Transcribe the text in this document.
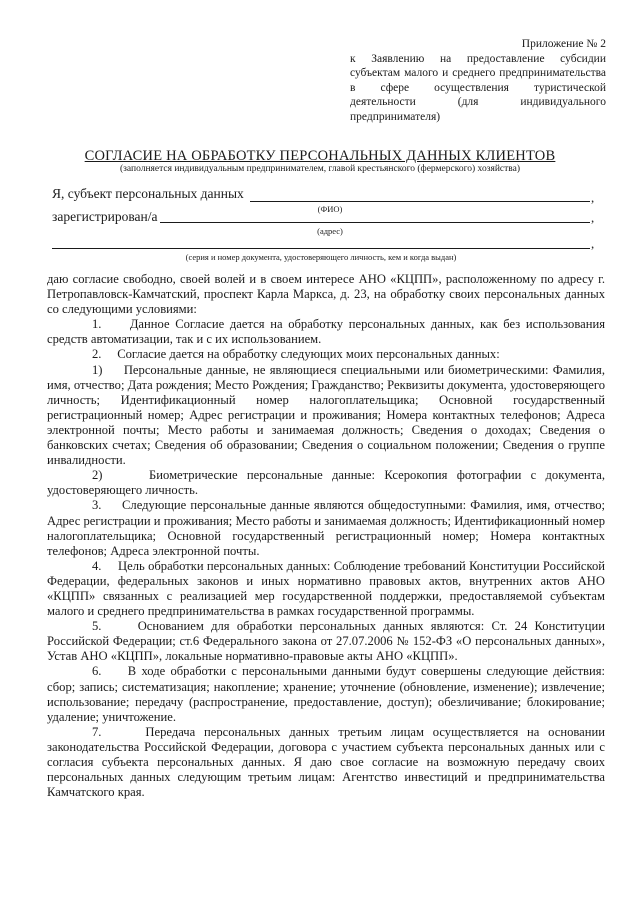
Приложение № 2
к Заявлению на предоставление субсидии субъектам малого и среднего предпринимательства в сфере осуществления туристической деятельности (для индивидуального предпринимателя)
СОГЛАСИЕ НА ОБРАБОТКУ ПЕРСОНАЛЬНЫХ ДАННЫХ КЛИЕНТОВ
(заполняется индивидуальным предпринимателем, главой крестьянского (фермерского) хозяйства)
Я, субъект персональных данных	,
(ФИО)
зарегистрирован/а	,
(адрес)
,
(серия и номер документа, удостоверяющего личность, кем и когда выдан)

даю согласие свободно, своей волей и в своем интересе АНО «КЦПП», расположенному по адресу г. Петропавловск-Камчатский, проспект Карла Маркса, д. 23, на обработку своих персональных данных со следующими условиями:

1.     Данное Согласие дается на обработку персональных данных, как без использования средств автоматизации, так и с их использованием.

2.     Согласие дается на обработку следующих моих персональных данных:

1)     Персональные данные, не являющиеся специальными или биометрическими: Фамилия, имя, отчество; Дата рождения; Место Рождения; Гражданство; Реквизиты документа, удостоверяющего личность; Идентификационный номер налогоплательщика; Основной государственный регистрационный номер; Адрес регистрации и проживания; Номера контактных телефонов; Адреса электронной почты; Место работы и занимаемая должность; Сведения о доходах; Сведения о банковских счетах; Сведения об образовании; Сведения о социальном положении; Сведения о группе инвалидности.

2)     Биометрические персональные данные: Ксерокопия фотографии с документа, удостоверяющего личность.

3.     Следующие персональные данные являются общедоступными: Фамилия, имя, отчество; Адрес регистрации и проживания; Место работы и занимаемая должность; Идентификационный номер налогоплательщика; Основной государственный регистрационный номер; Номера контактных телефонов; Адреса электронной почты.

4.     Цель обработки персональных данных: Соблюдение требований Конституции Российской Федерации, федеральных законов и иных нормативно правовых актов, внутренних актов АНО «КЦПП» связанных с реализацией мер государственной поддержки, предоставляемой субъектам малого и среднего предпринимательства в рамках государственной программы.

5.     Основанием для обработки персональных данных являются: Ст. 24 Конституции Российской Федерации; ст.6 Федерального закона от 27.07.2006 № 152-ФЗ «О персональных данных», Устав АНО «КЦПП», локальные нормативно-правовые акты АНО «КЦПП».

6.     В ходе обработки с персональными данными будут совершены следующие действия: сбор; запись; систематизация; накопление; хранение; уточнение (обновление, изменение); извлечение; использование; передачу (распространение, предоставление, доступ); обезличивание; блокирование; удаление; уничтожение.

7.     Передача персональных данных третьим лицам осуществляется на основании законодательства Российской Федерации, договора с участием субъекта персональных данных или с согласия субъекта персональных данных. Я даю свое согласие на возможную передачу своих персональных данных следующим третьим лицам: Агентство инвестиций и предпринимательства Камчатского края.
